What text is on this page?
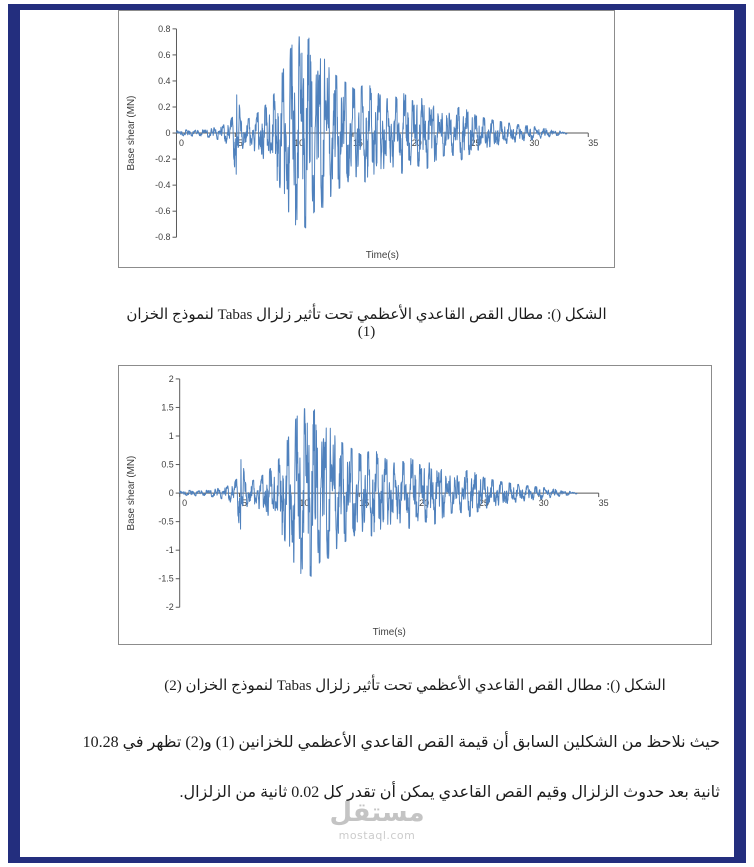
0.8
0.6
0.4
0.2
0
-0.2
-0.4
-0.6
-0.8
0	5	10	15	20	25	30	35
Time(s)
Base shear (MN)
الشكل (): مطال القص القاعدي الأعظمي تحت تأثير زلزال Tabas لنموذج الخزان (1)
2
1.5
1
0.5
0
-0.5
-1
-1.5
-2
0	5	10	15	20	25	30	35
Time(s)
Base shear (MN)
الشكل (): مطال القص القاعدي الأعظمي تحت تأثير زلزال Tabas لنموذج الخزان (2)

حيث نلاحظ من الشكلين السابق أن قيمة القص القاعدي الأعظمي للخزانين (1) و(2) تظهر في 10.28

ثانية بعد حدوث الزلزال وقيم القص القاعدي يمكن أن تقدر كل 0.02 ثانية من الزلزال.

مستقل
mostaql.com
